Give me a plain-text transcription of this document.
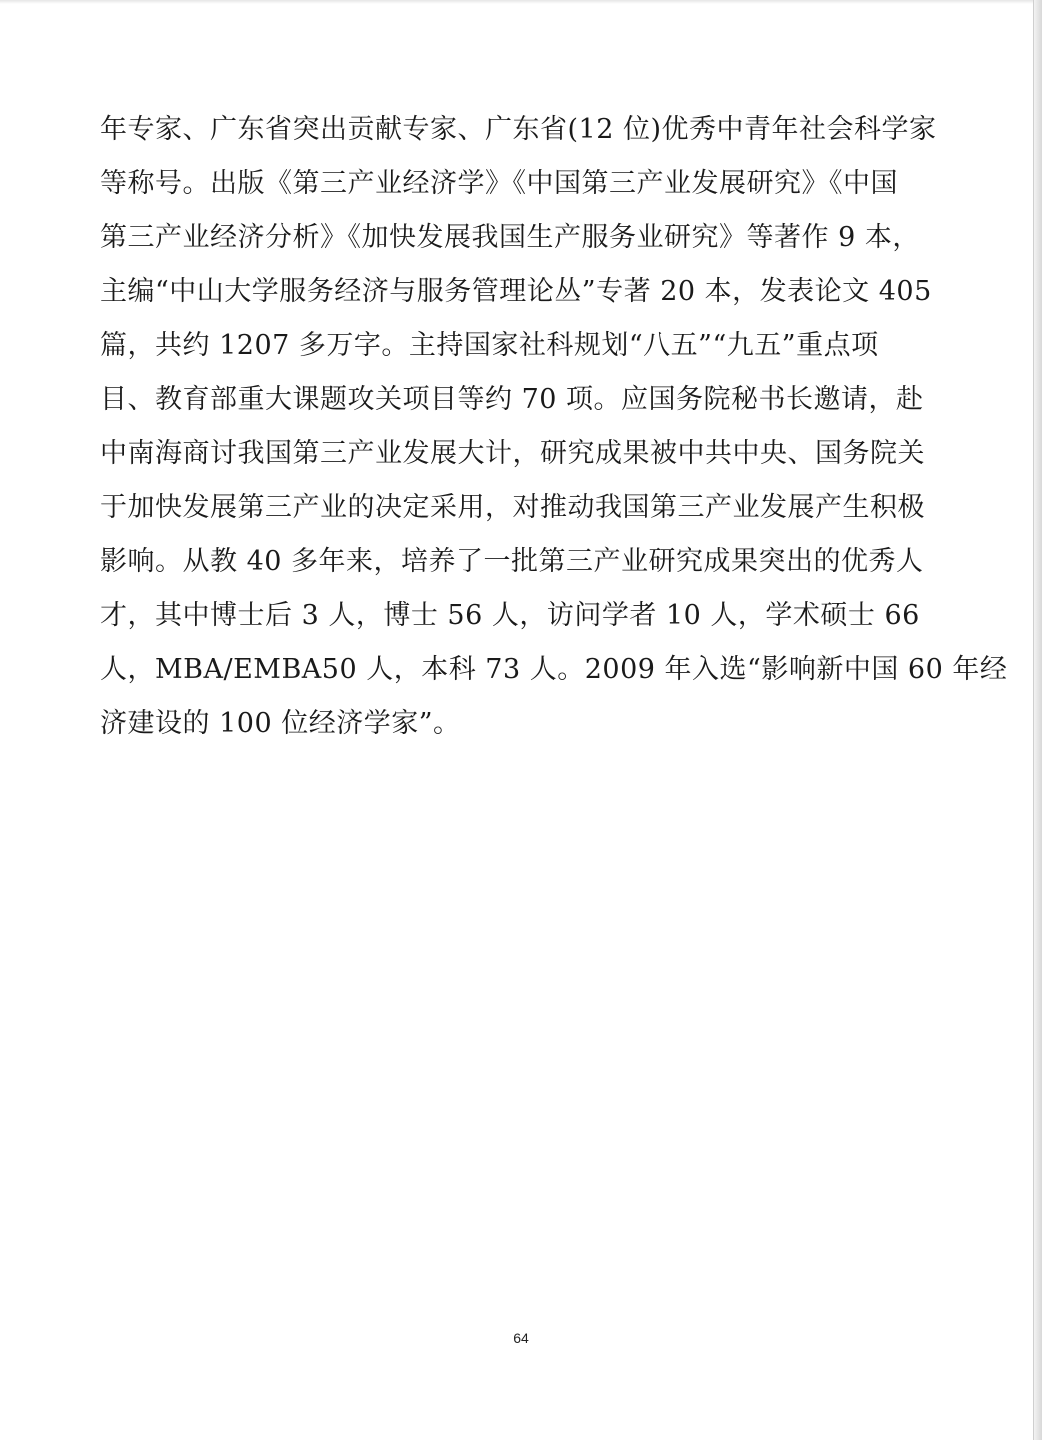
年专家、广东省突出贡献专家、广东省(12 位)优秀中青年社会科学家
等称号。出版《第三产业经济学》《中国第三产业发展研究》《中国
第三产业经济分析》《加快发展我国生产服务业研究》等著作 9 本，
主编“中山大学服务经济与服务管理论丛”专著 20 本，发表论文 405
篇，共约 1207 多万字。主持国家社科规划“八五”“九五”重点项
目、教育部重大课题攻关项目等约 70 项。应国务院秘书长邀请，赴
中南海商讨我国第三产业发展大计，研究成果被中共中央、国务院关
于加快发展第三产业的决定采用，对推动我国第三产业发展产生积极
影响。从教 40 多年来，培养了一批第三产业研究成果突出的优秀人
才，其中博士后 3 人，博士 56 人，访问学者 10 人，学术硕士 66
人，MBA/EMBA50 人，本科 73 人。2009 年入选“影响新中国 60 年经
济建设的 100 位经济学家”。
64
